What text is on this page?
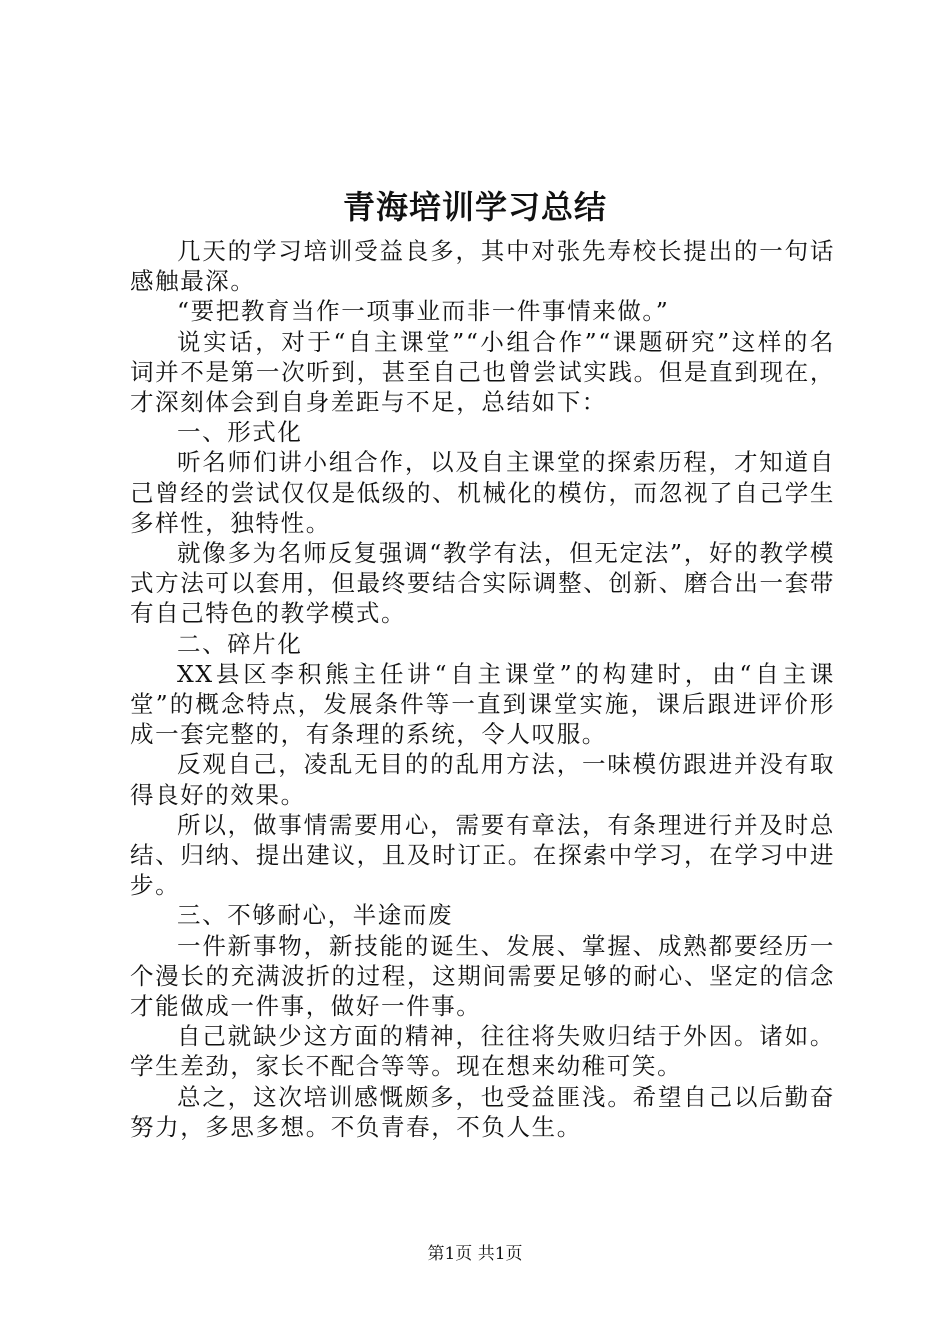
青海培训学习总结

几天的学习培训受益良多，其中对张先寿校长提出的一句话感触最深。

“要把教育当作一项事业而非一件事情来做。”

说实话，对于“自主课堂”“小组合作”“课题研究”这样的名词并不是第一次听到，甚至自己也曾尝试实践。但是直到现在，才深刻体会到自身差距与不足，总结如下：

一、形式化

听名师们讲小组合作，以及自主课堂的探索历程，才知道自己曾经的尝试仅仅是低级的、机械化的模仿，而忽视了自己学生多样性，独特性。

就像多为名师反复强调“教学有法，但无定法”，好的教学模式方法可以套用，但最终要结合实际调整、创新、磨合出一套带有自己特色的教学模式。

二、碎片化

XX县区李积熊主任讲“自主课堂”的构建时，由“自主课堂”的概念特点，发展条件等一直到课堂实施，课后跟进评价形成一套完整的，有条理的系统，令人叹服。

反观自己，凌乱无目的的乱用方法，一味模仿跟进并没有取得良好的效果。

所以，做事情需要用心，需要有章法，有条理进行并及时总结、归纳、提出建议，且及时订正。在探索中学习，在学习中进步。

三、不够耐心，半途而废

一件新事物，新技能的诞生、发展、掌握、成熟都要经历一个漫长的充满波折的过程，这期间需要足够的耐心、坚定的信念才能做成一件事，做好一件事。

自己就缺少这方面的精神，往往将失败归结于外因。诸如。学生差劲，家长不配合等等。现在想来幼稚可笑。

总之，这次培训感慨颇多，也受益匪浅。希望自己以后勤奋努力，多思多想。不负青春，不负人生。

第1页 共1页
